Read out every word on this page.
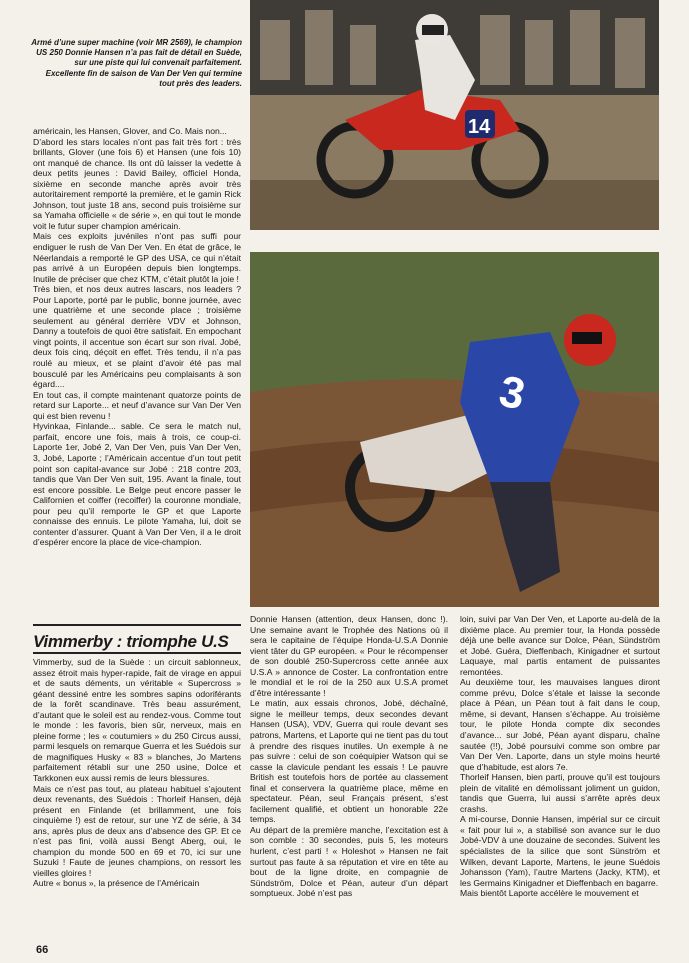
Armé d’une super machine (voir MR 2569), le champion US 250 Donnie Hansen n’a pas fait de détail en Suède, sur une piste qui lui convenait parfaitement.

Excellente fin de saison de Van Der Ven qui termine tout près des leaders.

14
3

américain, les Hansen, Glover, and Co. Mais non...

D’abord les stars locales n’ont pas fait très fort : très brillants, Glover (une fois 6) et Hansen (une fois 10) ont manqué de chance. Ils ont dû laisser la vedette à deux petits jeunes : David Bailey, officiel Honda, sixième en seconde manche après avoir très autoritairement remporté la première, et le gamin Rick Johnson, tout juste 18 ans, second puis troisième sur sa Yamaha officielle « de série », en qui tout le monde voit le futur super champion américain.

Mais ces exploits juvéniles n’ont pas suffi pour endiguer le rush de Van Der Ven. En état de grâce, le Néerlandais a remporté le GP des USA, ce qui n’était pas arrivé à un Européen depuis bien longtemps. Inutile de préciser que chez KTM, c’était plutôt la joie !

Très bien, et nos deux autres lascars, nos leaders ? Pour Laporte, porté par le public, bonne journée, avec une quatrième et une seconde place ; troisième seulement au général derrière VDV et Johnson, Danny a toutefois de quoi être satisfait. En empochant vingt points, il accentue son écart sur son rival. Jobé, deux fois cinq, déçoit en effet. Très tendu, il n’a pas roulé au mieux, et se plaint d’avoir été pas mal bousculé par les Américains peu complaisants à son égard....

En tout cas, il compte maintenant quatorze points de retard sur Laporte... et neuf d’avance sur Van Der Ven qui est bien revenu !

Hyvinkaa, Finlande... sable. Ce sera le match nul, parfait, encore une fois, mais à trois, ce coup-ci. Laporte 1er, Jobé 2, Van Der Ven, puis Van Der Ven, 3, Jobé, Laporte ; l’Américain accentue d’un tout petit point son capital-avance sur Jobé : 218 contre 203, tandis que Van Der Ven suit, 195. Avant la finale, tout est encore possible. Le Belge peut encore passer le Californien et coiffer (recoiffer) la couronne mondiale, pour peu qu’il remporte le GP et que Laporte connaisse des ennuis. Le pilote Yamaha, lui, doit se contenter d’assurer. Quant à Van Der Ven, il a le droit d’espérer encore la place de vice-champion.

Vimmerby : triomphe U.S

Vimmerby, sud de la Suède : un circuit sablonneux, assez étroit mais hyper-rapide, fait de virage en appui et de sauts déments, un véritable « Supercross » géant dessiné entre les sombres sapins odoriférants de la forêt scandinave. Très beau assurément, d’autant que le soleil est au rendez-vous. Comme tout le monde : les favoris, bien sûr, nerveux, mais en pleine forme ; les « coutumiers » du 250 Circus aussi, parmi lesquels on remarque Guerra et les Suédois sur de magnifiques Husky « 83 » blanches, Jo Martens parfaitement rétabli sur une 250 usine, Dolce et Tarkkonen eux aussi remis de leurs blessures.

Mais ce n’est pas tout, au plateau habituel s’ajoutent deux revenants, des Suédois : Thorleif Hansen, déjà présent en Finlande (et brillamment, une fois cinquième !) est de retour, sur une YZ de série, à 34 ans, après plus de deux ans d’absence des GP. Et ce n’est pas fini, voilà aussi Bengt Aberg, oui, le champion du monde 500 en 69 et 70, ici sur une Suzuki ! Faute de jeunes champions, on ressort les vieilles gloires !

Autre « bonus », la présence de l’Américain

Donnie Hansen (attention, deux Hansen, donc !). Une semaine avant le Trophée des Nations où il sera le capitaine de l’équipe Honda-U.S.A Donnie vient tâter du GP européen. « Pour le récompenser de son doublé 250-Supercross cette année aux U.S.A » annonce de Coster. La confrontation entre le mondial et le roi de la 250 aux U.S.A promet d’être intéressante !

Le matin, aux essais chronos, Jobé, déchaîné, signe le meilleur temps, deux secondes devant Hansen (USA), VDV, Guerra qui roule devant ses patrons, Martens, et Laporte qui ne tient pas du tout à prendre des risques inutiles. Un exemple à ne pas suivre : celui de son coéquipier Watson qui se casse la clavicule pendant les essais ! Le pauvre British est toutefois hors de portée au classement final et conservera la quatrième place, même en spectateur. Péan, seul Français présent, s’est facilement qualifié, et obtient un honorable 22e temps.

Au départ de la première manche, l’excitation est à son comble : 30 secondes, puis 5, les moteurs hurlent, c’est parti ! « Holeshot » Hansen ne fait surtout pas faute à sa réputation et vire en tête au bout de la ligne droite, en compagnie de Sündström, Dolce et Péan, auteur d’un départ somptueux. Jobé n’est pas

loin, suivi par Van Der Ven, et Laporte au-delà de la dixième place. Au premier tour, la Honda possède déjà une belle avance sur Dolce, Péan, Sündström et Jobé. Guéra, Dieffenbach, Kinigadner et surtout Laquaye, mal partis entament de puissantes remontées.

Au deuxième tour, les mauvaises langues diront comme prévu, Dolce s’étale et laisse la seconde place à Péan, un Péan tout à fait dans le coup, même, si devant, Hansen s’échappe. Au troisième tour, le pilote Honda compte dix secondes d’avance... sur Jobé, Péan ayant disparu, chaîne sautée (!!), Jobé poursuivi comme son ombre par Van Der Ven. Laporte, dans un style moins heurté que d’habitude, est alors 7e.

Thorleif Hansen, bien parti, prouve qu’il est toujours plein de vitalité en démolissant joliment un guidon, tandis que Guerra, lui aussi s’arrête après deux crashs.

A mi-course, Donnie Hansen, impérial sur ce circuit « fait pour lui », a stabilisé son avance sur le duo Jobé-VDV à une douzaine de secondes. Suivent les spécialistes de la silice que sont Sünström et Wilken, devant Laporte, Martens, le jeune Suédois Johansson (Yam), l’autre Martens (Jacky, KTM), et les Germains Kinigadner et Dieffenbach en bagarre.

Mais bientôt Laporte accélère le mouvement et

66
